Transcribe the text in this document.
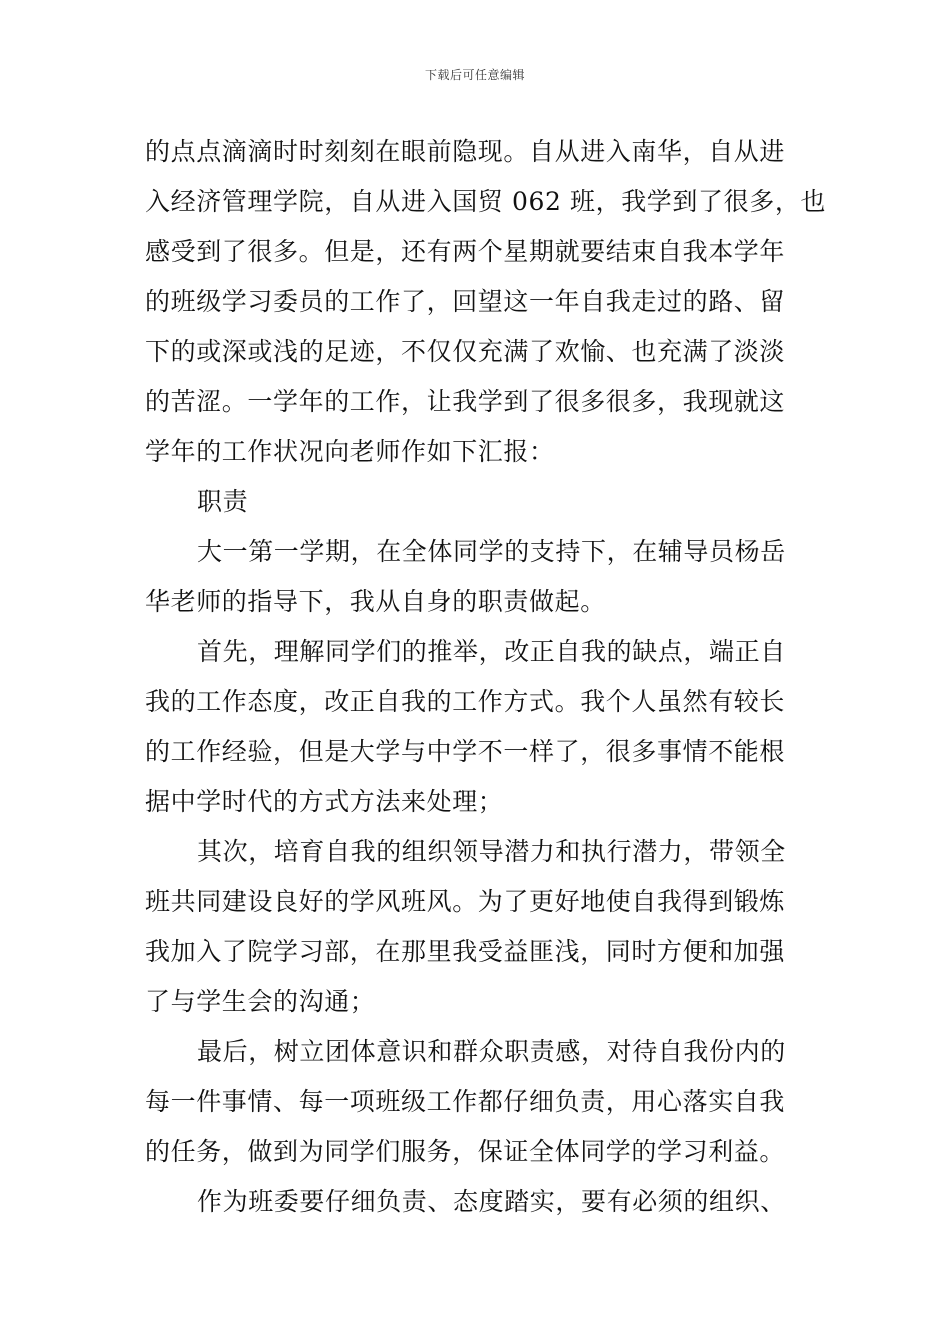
下载后可任意编辑
的点点滴滴时时刻刻在眼前隐现。自从进入南华，自从进
入经济管理学院，自从进入国贸 062 班，我学到了很多，也
感受到了很多。但是，还有两个星期就要结束自我本学年
的班级学习委员的工作了，回望这一年自我走过的路、留
下的或深或浅的足迹，不仅仅充满了欢愉、也充满了淡淡
的苦涩。一学年的工作，让我学到了很多很多，我现就这
学年的工作状况向老师作如下汇报：
职责
大一第一学期，在全体同学的支持下，在辅导员杨岳
华老师的指导下，我从自身的职责做起。
首先，理解同学们的推举，改正自我的缺点，端正自
我的工作态度，改正自我的工作方式。我个人虽然有较长
的工作经验，但是大学与中学不一样了，很多事情不能根
据中学时代的方式方法来处理；
其次，培育自我的组织领导潜力和执行潜力，带领全
班共同建设良好的学风班风。为了更好地使自我得到锻炼
我加入了院学习部，在那里我受益匪浅，同时方便和加强
了与学生会的沟通；
最后，树立团体意识和群众职责感，对待自我份内的
每一件事情、每一项班级工作都仔细负责，用心落实自我
的任务，做到为同学们服务，保证全体同学的学习利益。
作为班委要仔细负责、态度踏实，要有必须的组织、
